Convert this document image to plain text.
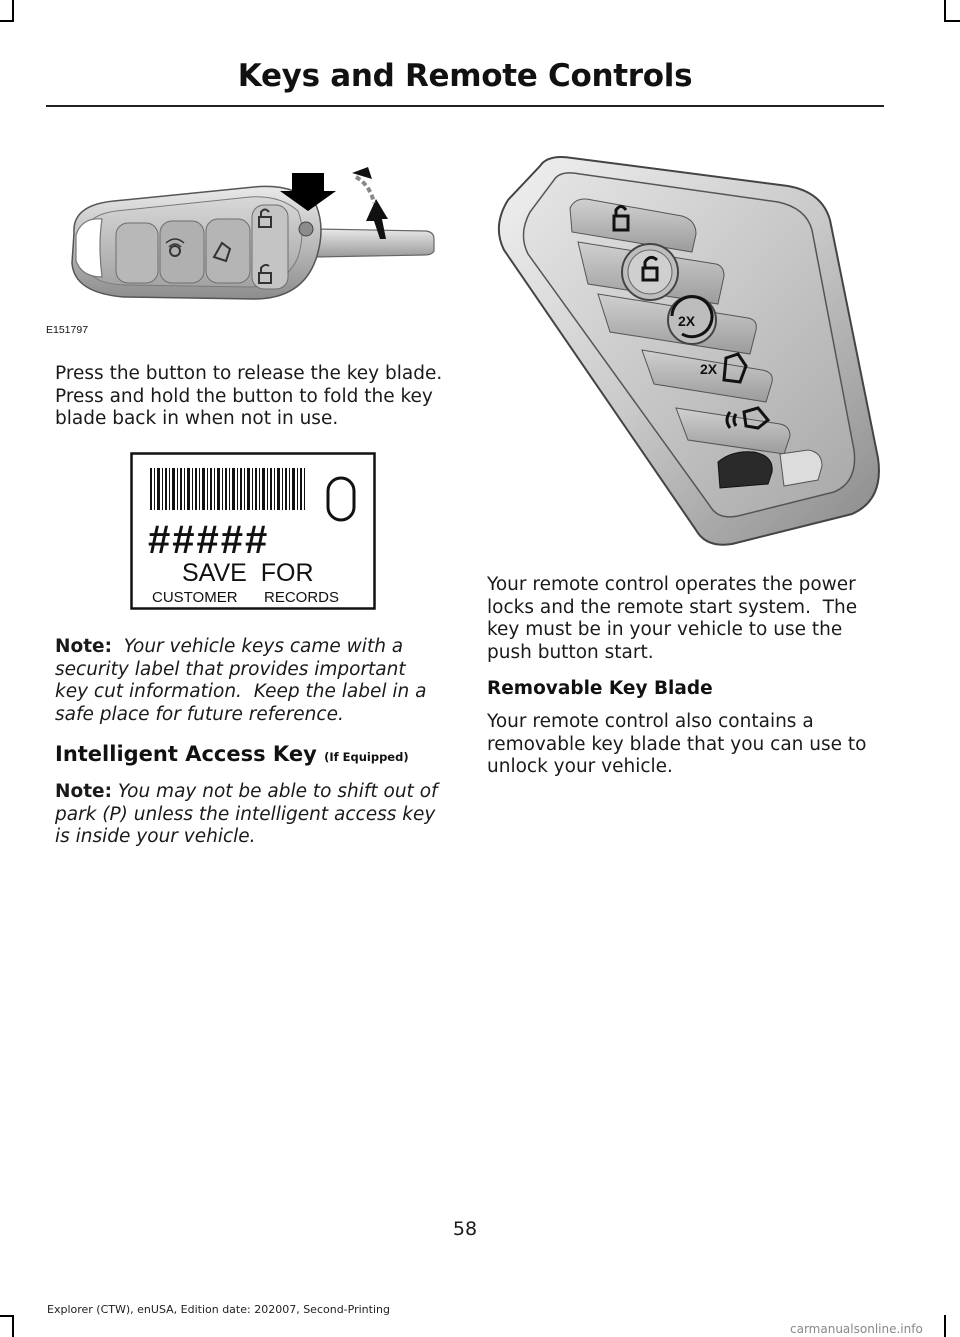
Keys and Remote Controls
E151797
Press the button to release the key blade. Press and hold the button to fold the key blade back in when not in use.
#####
SAVE  FOR
CUSTOMER RECORDS
Note:  Your vehicle keys came with a security label that provides important key cut information.  Keep the label in a safe place for future reference.
Intelligent Access Key (If Equipped)
Note: You may not be able to shift out of park (P) unless the intelligent access key is inside your vehicle.
2X
2X
Your remote control operates the power locks and the remote start system.  The key must be in your vehicle to use the push button start.
Removable Key Blade
Your remote control also contains a removable key blade that you can use to unlock your vehicle.
58
Explorer (CTW), enUSA, Edition date: 202007, Second-Printing
carmanualsonline.info
